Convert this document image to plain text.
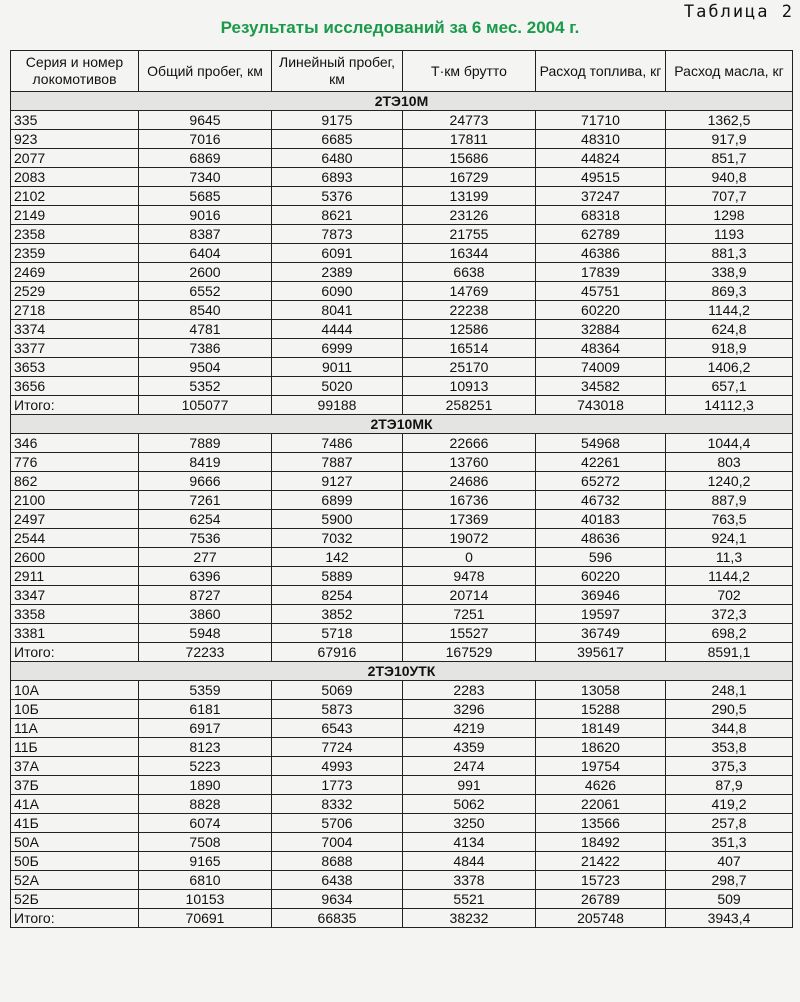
Таблица 2
Результаты исследований за 6 мес. 2004 г.
Серия и номер локомотивов	Общий пробег, км	Линейный пробег, км	Т·км брутто	Расход топлива, кг	Расход масла, кг
2ТЭ10М					
335	9645	9175	24773	71710	1362,5
923	7016	6685	17811	48310	917,9
2077	6869	6480	15686	44824	851,7
2083	7340	6893	16729	49515	940,8
2102	5685	5376	13199	37247	707,7
2149	9016	8621	23126	68318	1298
2358	8387	7873	21755	62789	1193
2359	6404	6091	16344	46386	881,3
2469	2600	2389	6638	17839	338,9
2529	6552	6090	14769	45751	869,3
2718	8540	8041	22238	60220	1144,2
3374	4781	4444	12586	32884	624,8
3377	7386	6999	16514	48364	918,9
3653	9504	9011	25170	74009	1406,2
3656	5352	5020	10913	34582	657,1
Итого:	105077	99188	258251	743018	14112,3
2ТЭ10МК					
346	7889	7486	22666	54968	1044,4
776	8419	7887	13760	42261	803
862	9666	9127	24686	65272	1240,2
2100	7261	6899	16736	46732	887,9
2497	6254	5900	17369	40183	763,5
2544	7536	7032	19072	48636	924,1
2600	277	142	0	596	11,3
2911	6396	5889	9478	60220	1144,2
3347	8727	8254	20714	36946	702
3358	3860	3852	7251	19597	372,3
3381	5948	5718	15527	36749	698,2
Итого:	72233	67916	167529	395617	8591,1
2ТЭ10УТК					
10А	5359	5069	2283	13058	248,1
10Б	6181	5873	3296	15288	290,5
11А	6917	6543	4219	18149	344,8
11Б	8123	7724	4359	18620	353,8
37А	5223	4993	2474	19754	375,3
37Б	1890	1773	991	4626	87,9
41А	8828	8332	5062	22061	419,2
41Б	6074	5706	3250	13566	257,8
50А	7508	7004	4134	18492	351,3
50Б	9165	8688	4844	21422	407
52А	6810	6438	3378	15723	298,7
52Б	10153	9634	5521	26789	509
Итого:	70691	66835	38232	205748	3943,4
